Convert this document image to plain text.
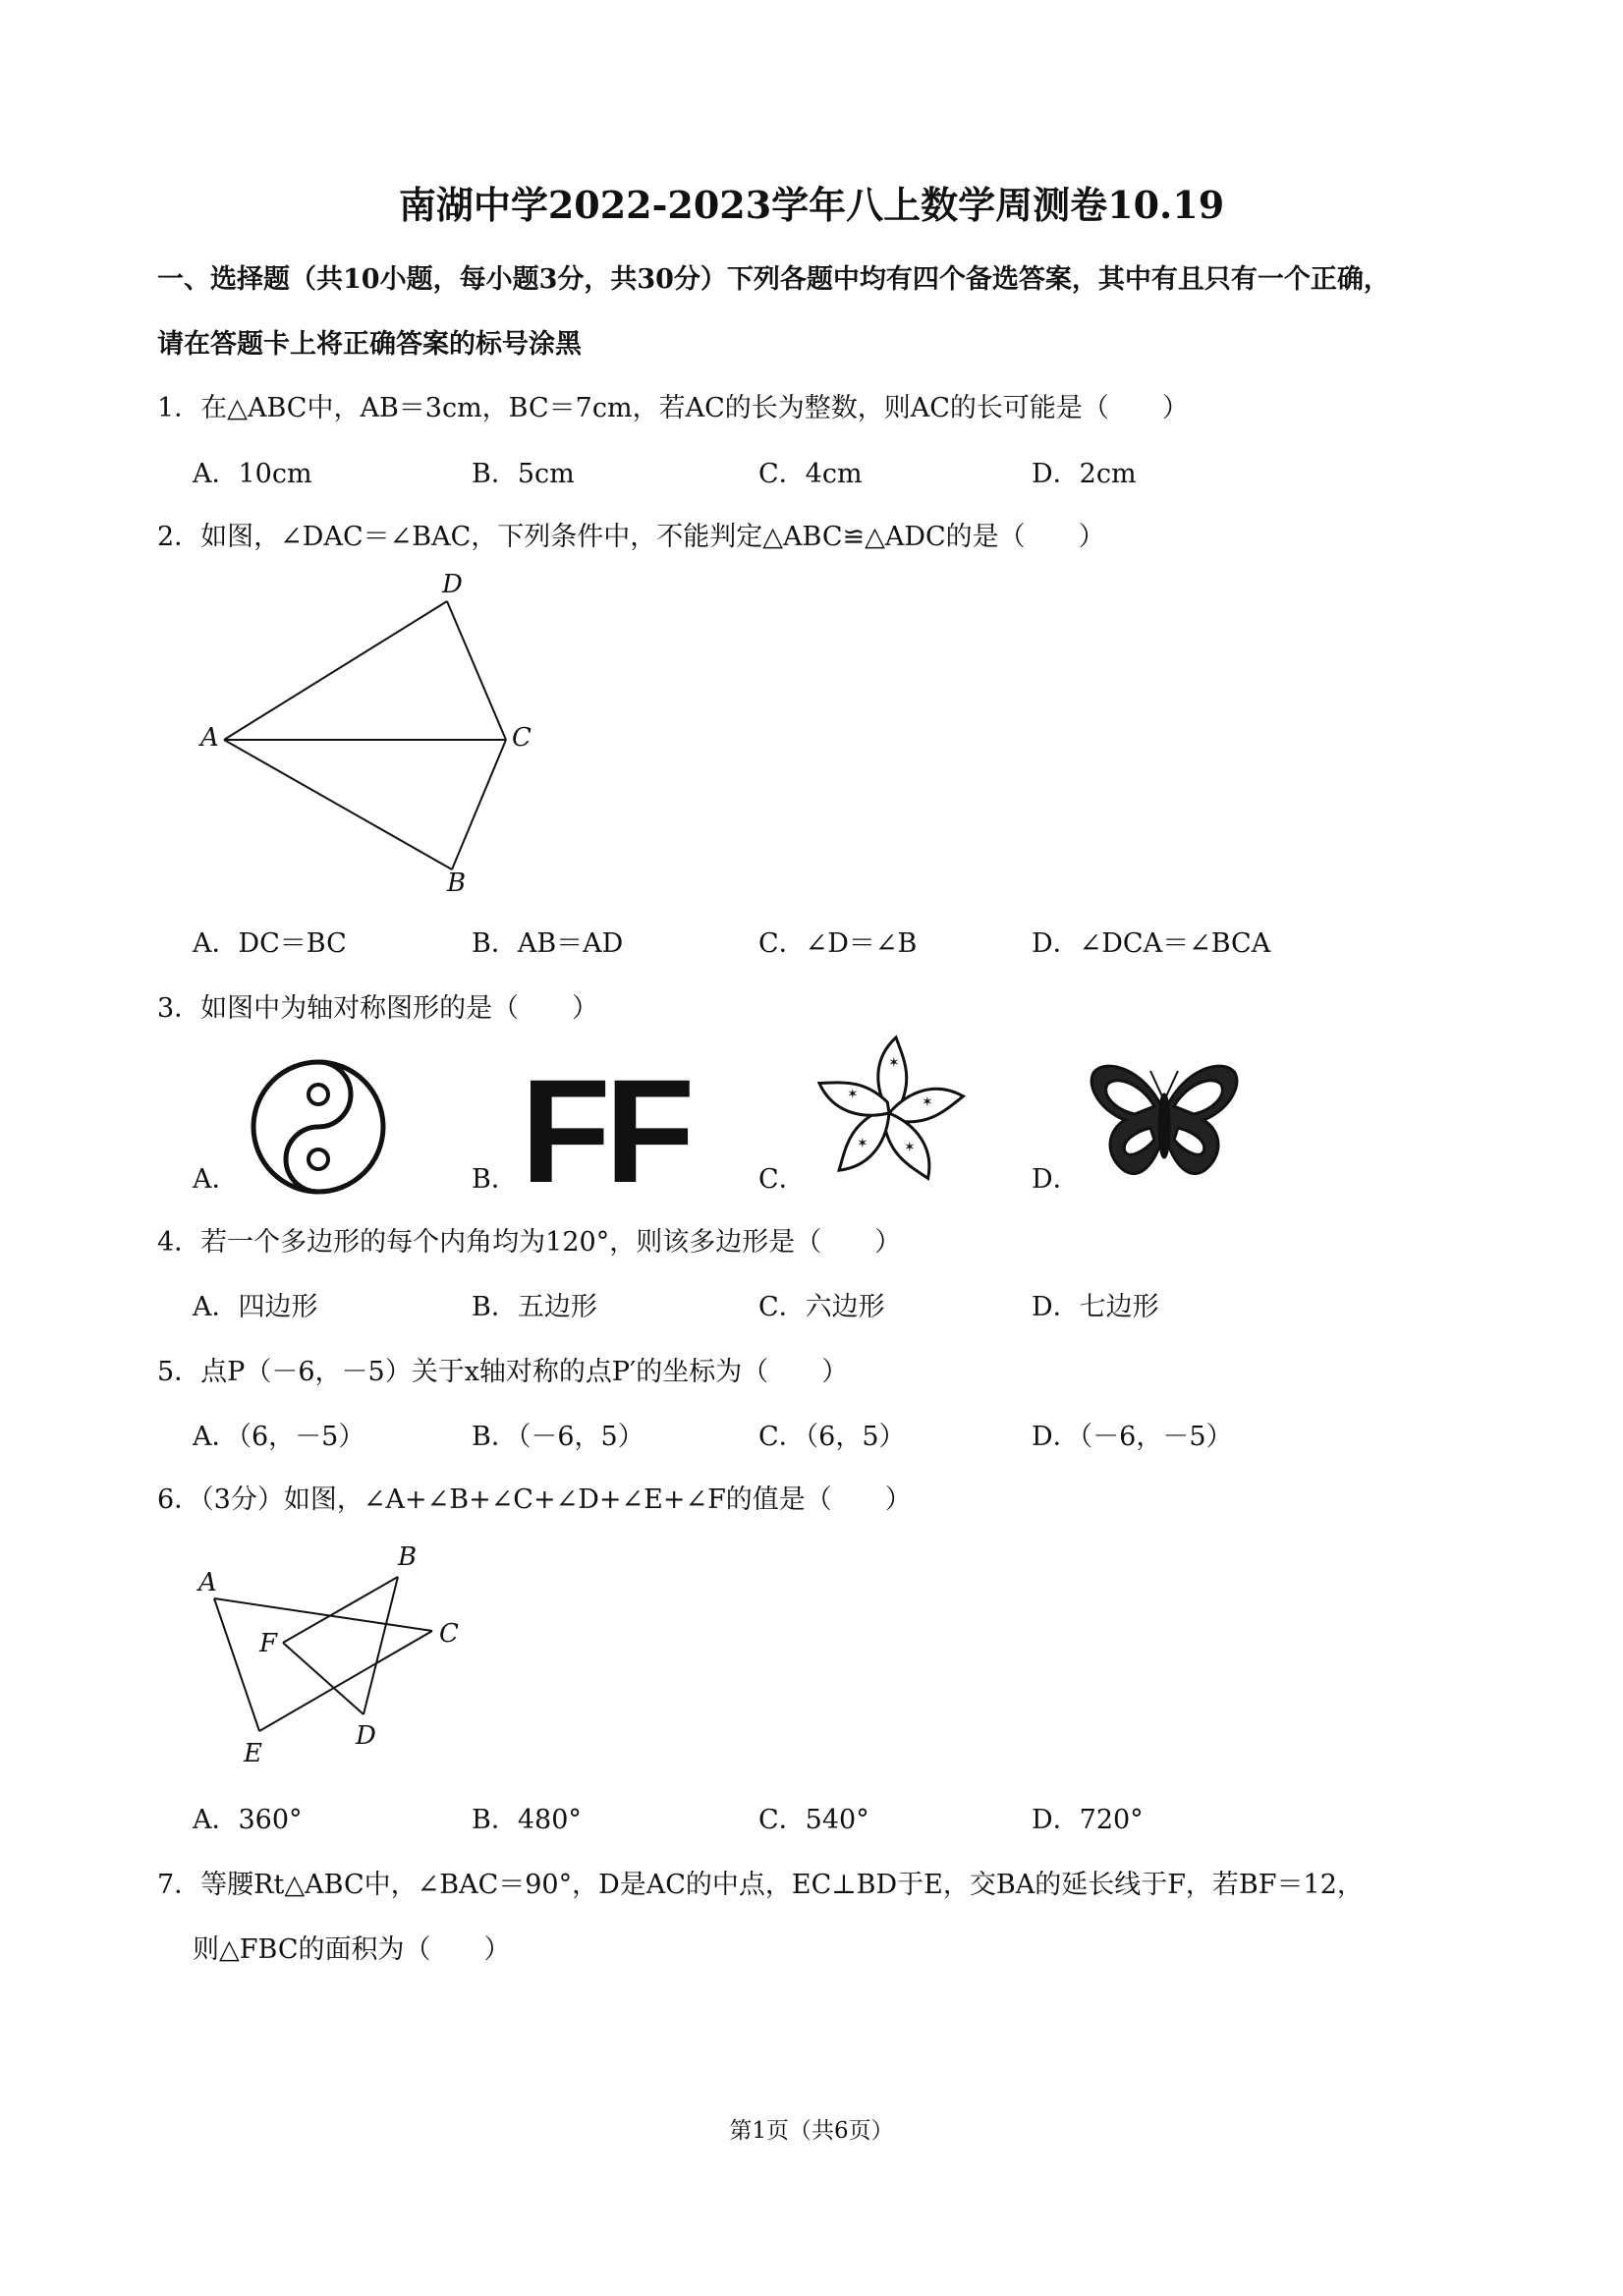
南湖中学2022-2023学年八上数学周测卷10.19
一、选择题（共10小题，每小题3分，共30分）下列各题中均有四个备选答案，其中有且只有一个正确，
请在答题卡上将正确答案的标号涂黑
1．在△ABC中，AB＝3cm，BC＝7cm，若AC的长为整数，则AC的长可能是（　　）
A．10cm	B．5cm	C．4cm	D．2cm
2．如图，∠DAC＝∠BAC，下列条件中，不能判定△ABC≌△ADC的是（　　）
D
A	C
B
A．DC＝BC	B．AB＝AD	C．∠D＝∠B	D．∠DCA＝∠BCA
3．如图中为轴对称图形的是（　　）
FF	✶
✶
✶
✶
✶
A．	B．	C．	D．
4．若一个多边形的每个内角均为120°，则该多边形是（　　）
A．四边形	B．五边形	C．六边形	D．七边形
5．点P（－6，－5）关于x轴对称的点P′的坐标为（　　）
A．（6，－5）	B．（－6，5）	C．（6，5）	D．（－6，－5）
6．（3分）如图，∠A+∠B+∠C+∠D+∠E+∠F的值是（　　）
A
B
C
F
E
D
A．360°	B．480°	C．540°	D．720°
7．等腰Rt△ABC中，∠BAC＝90°，D是AC的中点，EC⊥BD于E，交BA的延长线于F，若BF＝12，
则△FBC的面积为（　　）
第1页（共6页）
